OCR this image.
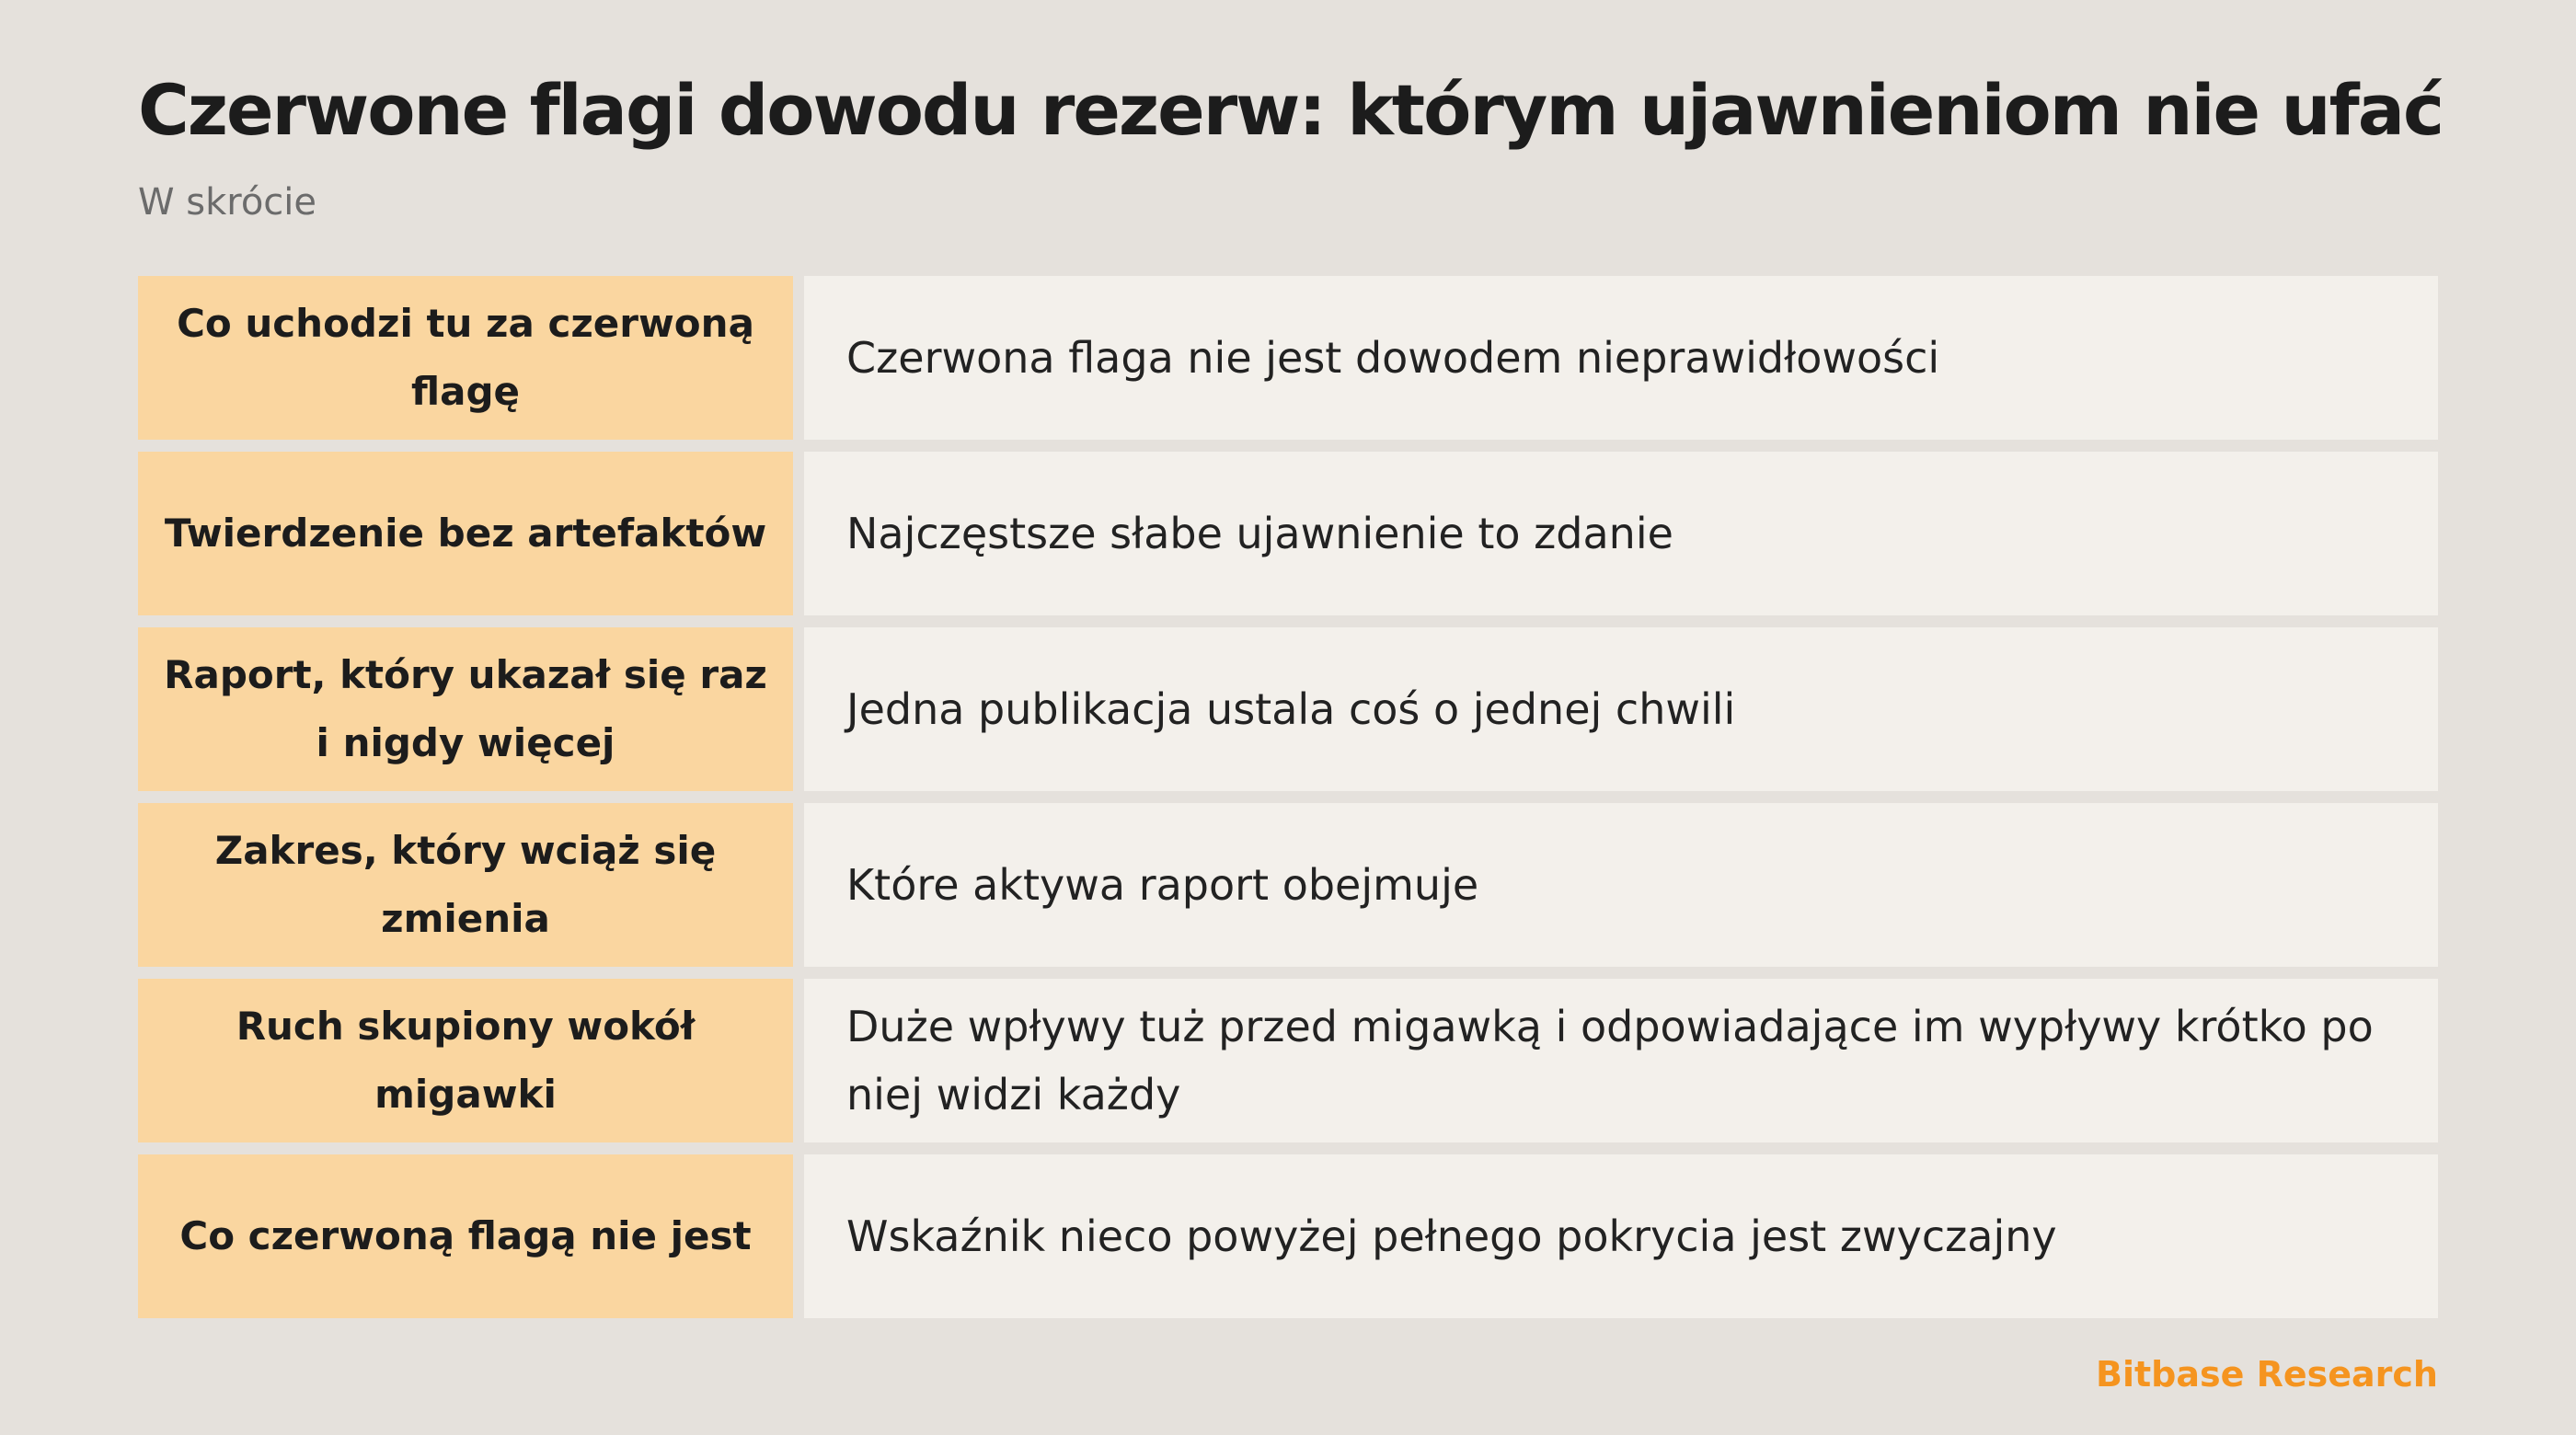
Czerwone flagi dowodu rezerw: którym ujawnieniom nie ufać
W skrócie
Co uchodzi tu za czerwoną flagę
Czerwona flaga nie jest dowodem nieprawidłowości
Twierdzenie bez artefaktów	Najczęstsze słabe ujawnienie to zdanie
Raport, który ukazał się raz i nigdy więcej
Jedna publikacja ustala coś o jednej chwili
Zakres, który wciąż się zmienia
Które aktywa raport obejmuje
Ruch skupiony wokół migawki
Duże wpływy tuż przed migawką i odpowiadające im wypływy krótko po niej widzi każdy
Co czerwoną flagą nie jest	Wskaźnik nieco powyżej pełnego pokrycia jest zwyczajny
Bitbase Research
